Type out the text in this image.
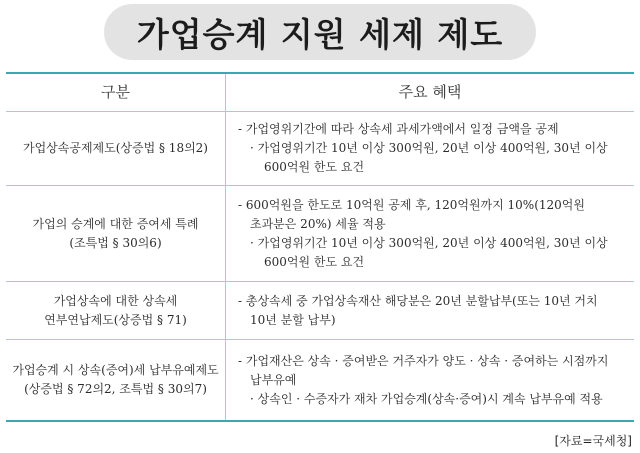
가업승계 지원 세제 제도
구분	주요 혜택
가업상속공제제도(상증법 § 18의2)
- 가업영위기간에 따라 상속세 과세가액에서 일정 금액을 공제
· 가업영위기간 10년 이상 300억원, 20년 이상 400억원, 30년 이상
600억원 한도 요건
가업의 승계에 대한 증여세 특례
(조특법 § 30의6)
- 600억원을 한도로 10억원 공제 후, 120억원까지 10%(120억원
초과분은 20%) 세율 적용
· 가업영위기간 10년 이상 300억원, 20년 이상 400억원, 30년 이상
600억원 한도 요건
가업상속에 대한 상속세
연부연납제도(상증법 § 71)
- 총상속세 중 가업상속재산 해당분은 20년 분할납부(또는 10년 거치
10년 분할 납부)
가업승계 시 상속(증여)세 납부유예제도
(상증법 § 72의2, 조특법 § 30의7)
- 가업재산은 상속 · 증여받은 거주자가 양도 · 상속 · 증여하는 시점까지
납부유예
· 상속인 · 수증자가 재차 가업승계(상속·증여)시 계속 납부유예 적용
[자료=국세청]
